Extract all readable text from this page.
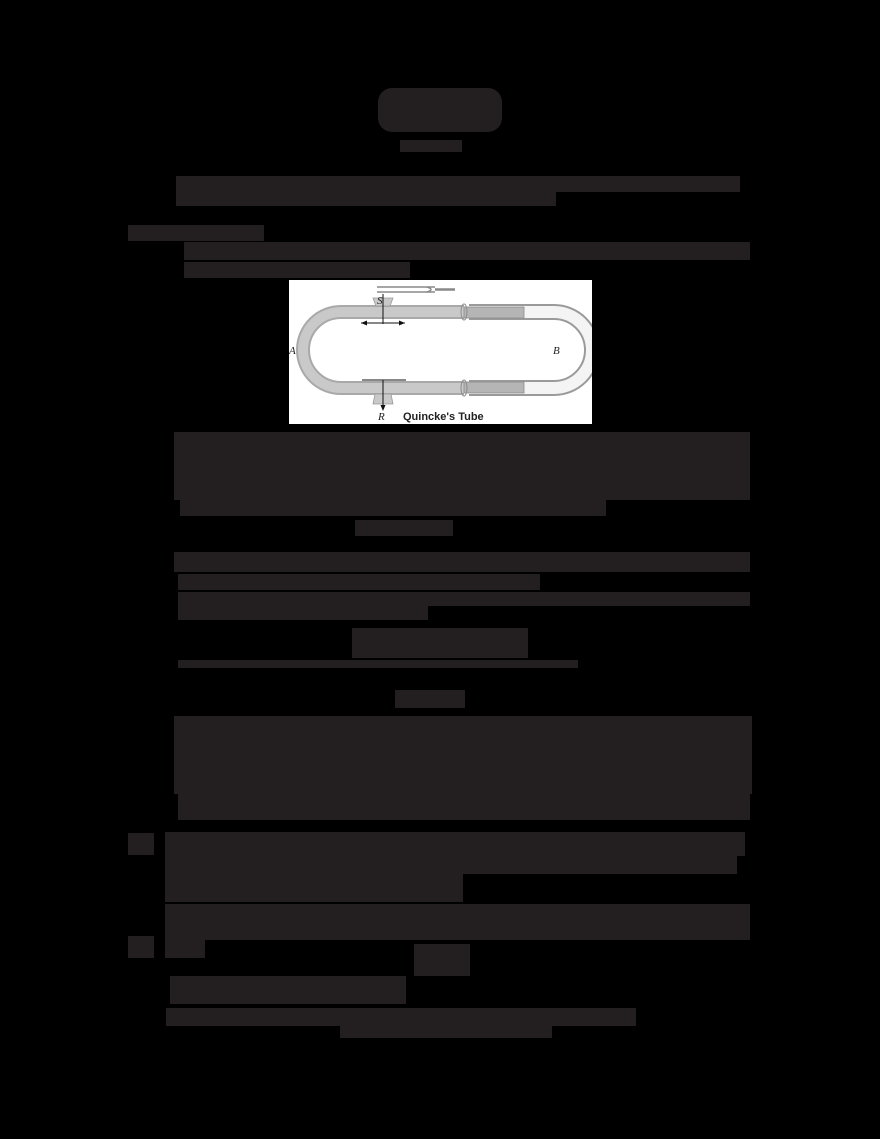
S
R
A	B
Quincke's Tube
